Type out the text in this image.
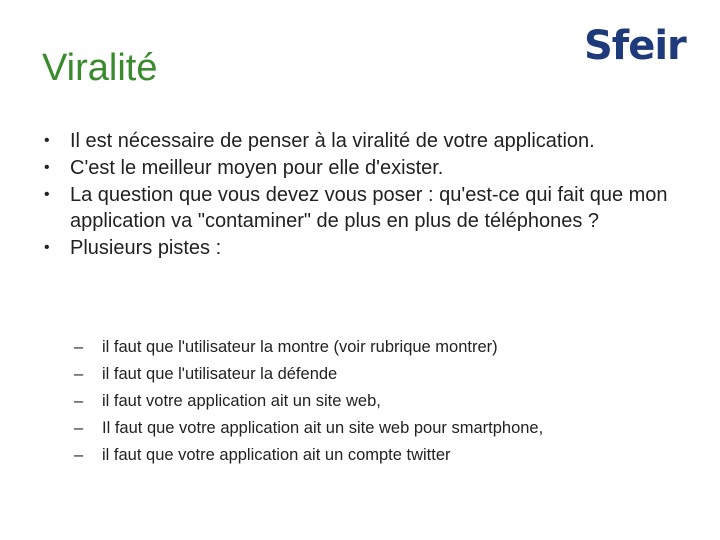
Viralité	Sfeir
•	Il est nécessaire de penser à la viralité de votre application.
•	C'est le meilleur moyen pour elle d'exister.
•	La question que vous devez vous poser : qu'est-ce qui fait que mon application va "contaminer" de plus en plus de téléphones ?
•	Plusieurs pistes :
– il faut que l'utilisateur la montre (voir rubrique montrer)
– il faut que l'utilisateur la défende
– il faut votre application ait un site web,
– Il faut que votre application ait un site web pour smartphone,
– il faut que votre application ait un compte twitter
